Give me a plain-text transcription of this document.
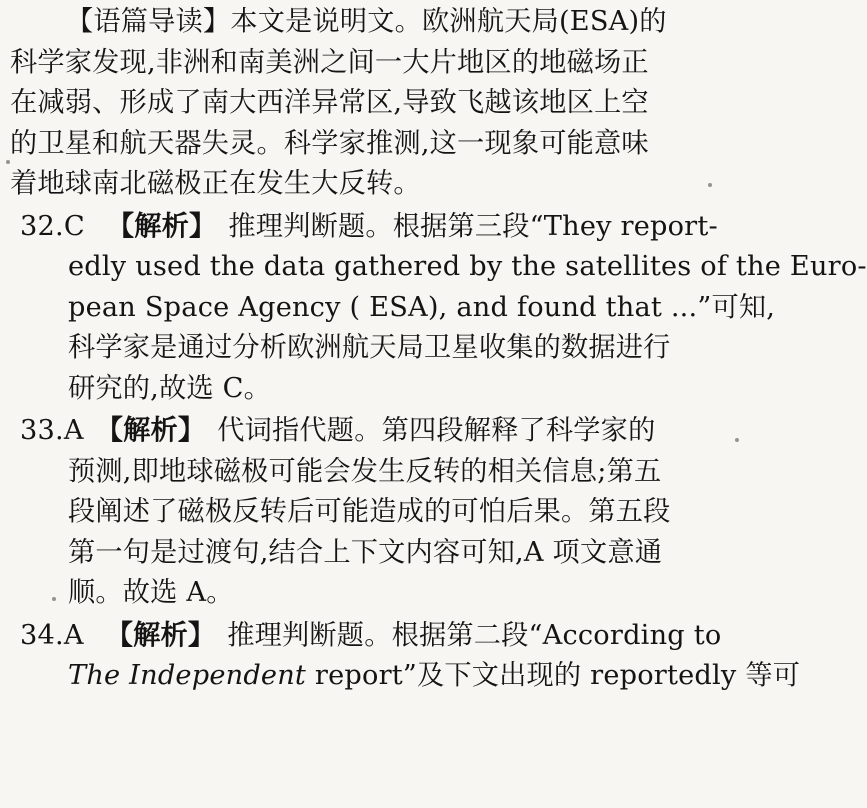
【语篇导读】本文是说明文。欧洲航天局(ESA)的
科学家发现,非洲和南美洲之间一大片地区的地磁场正
在减弱、形成了南大西洋异常区,导致飞越该地区上空
的卫星和航天器失灵。科学家推测,这一现象可能意味
着地球南北磁极正在发生大反转。
32.C 【解析】 推理判断题。根据第三段“They report-
edly used the data gathered by the satellites of the Euro-
pean Space Agency ( ESA), and found that ...”可知,
科学家是通过分析欧洲航天局卫星收集的数据进行
研究的,故选 C。
33.A 【解析】 代词指代题。第四段解释了科学家的
预测,即地球磁极可能会发生反转的相关信息;第五
段阐述了磁极反转后可能造成的可怕后果。第五段
第一句是过渡句,结合上下文内容可知,A 项文意通
顺。故选 A。
34.A 【解析】 推理判断题。根据第二段“According to
The Independent report”及下文出现的 reportedly 等可
